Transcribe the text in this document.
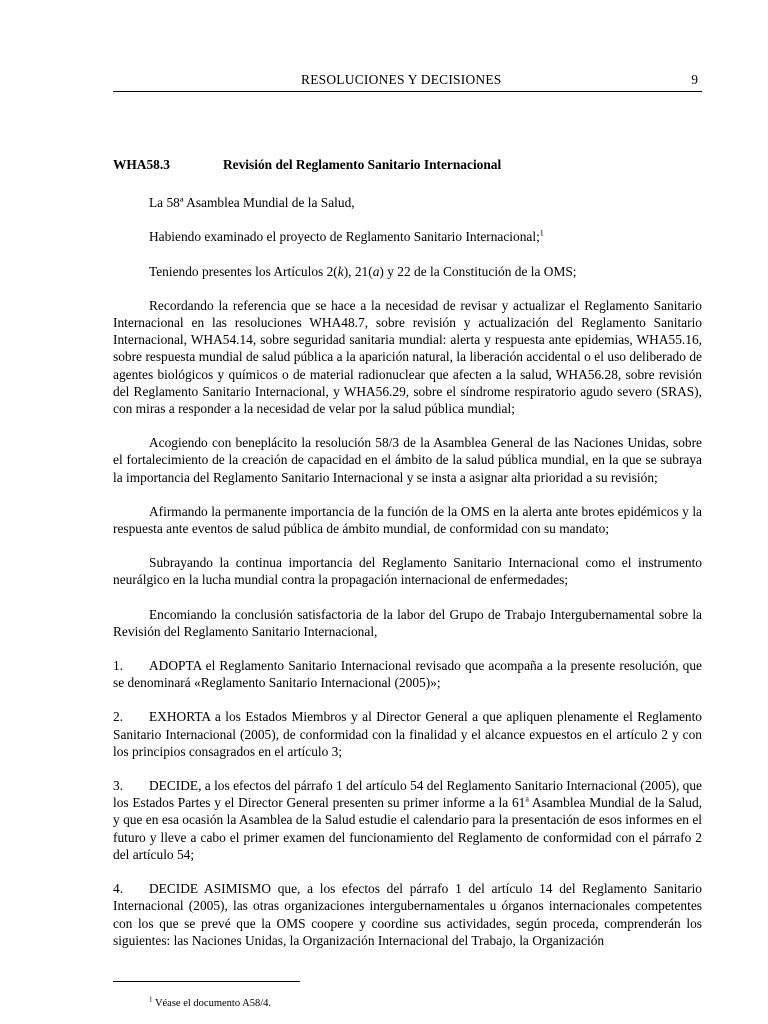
RESOLUCIONES Y DECISIONES	9
WHA58.3	Revisión del Reglamento Sanitario Internacional

La 58ª Asamblea Mundial de la Salud,

Habiendo examinado el proyecto de Reglamento Sanitario Internacional;$^1$

Teniendo presentes los Artículos 2(k), 21(a) y 22 de la Constitución de la OMS;

Recordando la referencia que se hace a la necesidad de revisar y actualizar el Reglamento Sanitario Internacional en las resoluciones WHA48.7, sobre revisión y actualización del Reglamento Sanitario Internacional, WHA54.14, sobre seguridad sanitaria mundial: alerta y respuesta ante epidemias, WHA55.16, sobre respuesta mundial de salud pública a la aparición natural, la liberación accidental o el uso deliberado de agentes biológicos y químicos o de material radionuclear que afecten a la salud, WHA56.28, sobre revisión del Reglamento Sanitario Internacional, y WHA56.29, sobre el síndrome respiratorio agudo severo (SRAS), con miras a responder a la necesidad de velar por la salud pública mundial;

Acogiendo con beneplácito la resolución 58/3 de la Asamblea General de las Naciones Unidas, sobre el fortalecimiento de la creación de capacidad en el ámbito de la salud pública mundial, en la que se subraya la importancia del Reglamento Sanitario Internacional y se insta a asignar alta prioridad a su revisión;

Afirmando la permanente importancia de la función de la OMS en la alerta ante brotes epidémicos y la respuesta ante eventos de salud pública de ámbito mundial, de conformidad con su mandato;

Subrayando la continua importancia del Reglamento Sanitario Internacional como el instrumento neurálgico en la lucha mundial contra la propagación internacional de enfermedades;

Encomiando la conclusión satisfactoria de la labor del Grupo de Trabajo Intergubernamental sobre la Revisión del Reglamento Sanitario Internacional,

1. ADOPTA el Reglamento Sanitario Internacional revisado que acompaña a la presente resolución, que se denominará «Reglamento Sanitario Internacional (2005)»;

2. EXHORTA a los Estados Miembros y al Director General a que apliquen plenamente el Reglamento Sanitario Internacional (2005), de conformidad con la finalidad y el alcance expuestos en el artículo 2 y con los principios consagrados en el artículo 3;

3. DECIDE, a los efectos del párrafo 1 del artículo 54 del Reglamento Sanitario Internacional (2005), que los Estados Partes y el Director General presenten su primer informe a la 61$^a$ Asamblea Mundial de la Salud, y que en esa ocasión la Asamblea de la Salud estudie el calendario para la presentación de esos informes en el futuro y lleve a cabo el primer examen del funcionamiento del Reglamento de conformidad con el párrafo 2 del artículo 54;

4. DECIDE ASIMISMO que, a los efectos del párrafo 1 del artículo 14 del Reglamento Sanitario Internacional (2005), las otras organizaciones intergubernamentales u órganos internacionales competentes con los que se prevé que la OMS coopere y coordine sus actividades, según proceda, comprenderán los siguientes: las Naciones Unidas, la Organización Internacional del Trabajo, la Organización

$^1$ Véase el documento A58/4.
